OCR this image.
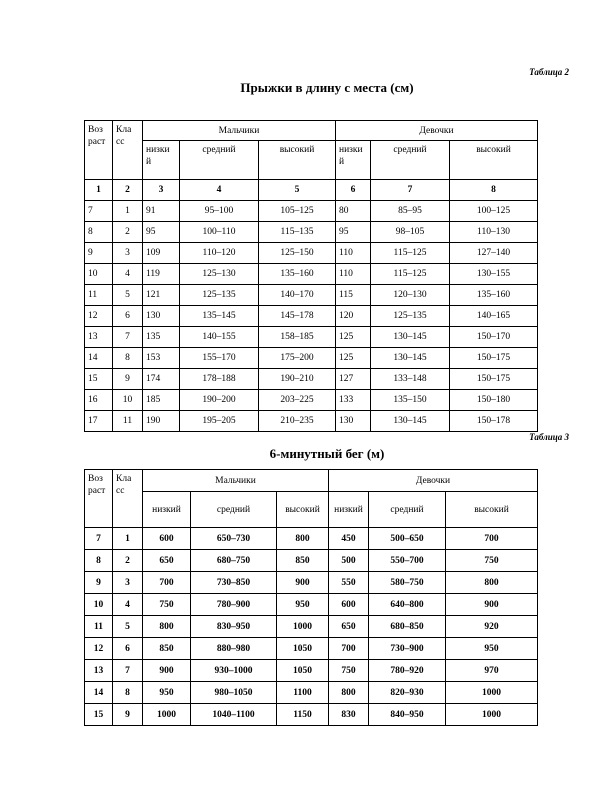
Таблица 2
Прыжки в длину с места (см)
Воз раст	Кла сс	Мальчики			Девочки		
		низки й	средний	высокий	низки й	средний	высокий
1	2	3	4	5	6	7	8
7	1	91	95–100	105–125	80	85–95	100–125
8	2	95	100–110	115–135	95	98–105	110–130
9	3	109	110–120	125–150	110	115–125	127–140
10	4	119	125–130	135–160	110	115–125	130–155
11	5	121	125–135	140–170	115	120–130	135–160
12	6	130	135–145	145–178	120	125–135	140–165
13	7	135	140–155	158–185	125	130–145	150–170
14	8	153	155–170	175–200	125	130–145	150–175
15	9	174	178–188	190–210	127	133–148	150–175
16	10	185	190–200	203–225	133	135–150	150–180
17	11	190	195–205	210–235	130	130–145	150–178
Таблица 3
6-минутный бег (м)
Воз раст	Кла сс	Мальчики			Девочки		
		низкий	средний	высокий	низкий	средний	высокий
7	1	600	650–730	800	450	500–650	700
8	2	650	680–750	850	500	550–700	750
9	3	700	730–850	900	550	580–750	800
10	4	750	780–900	950	600	640–800	900
11	5	800	830–950	1000	650	680–850	920
12	6	850	880–980	1050	700	730–900	950
13	7	900	930–1000	1050	750	780–920	970
14	8	950	980–1050	1100	800	820–930	1000
15	9	1000	1040–1100	1150	830	840–950	1000
